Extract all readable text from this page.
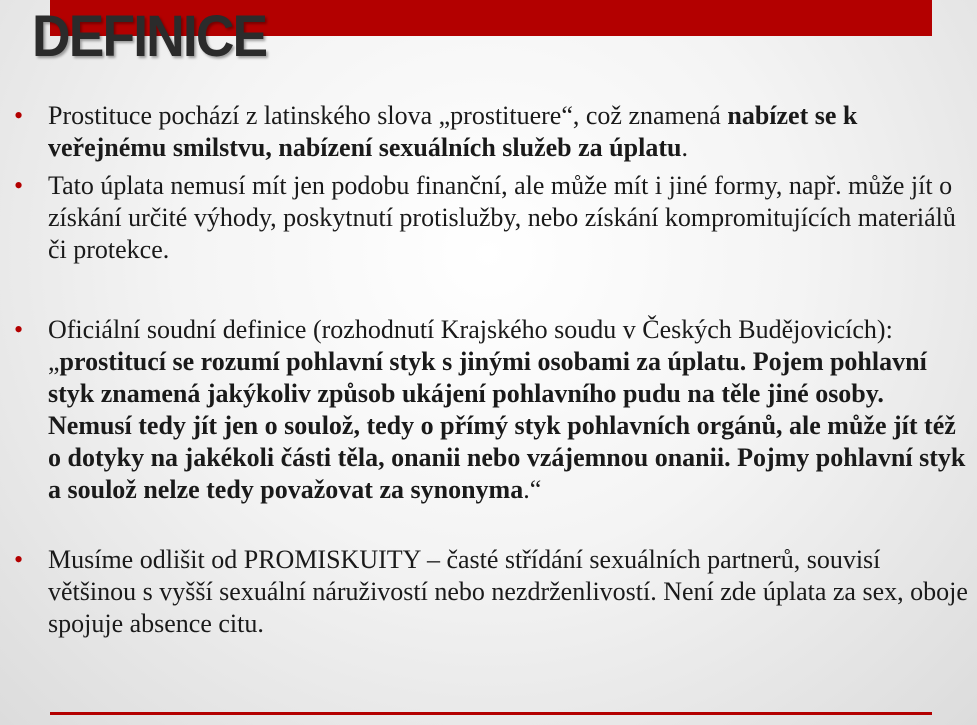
DEFINICE
• Prostituce pochází z latinského slova „prostituere“, což znamená nabízet se k veřejnému smilstvu, nabízení sexuálních služeb za úplatu.
• Tato úplata nemusí mít jen podobu finanční, ale může mít i jiné formy, např. může jít o získání určité výhody, poskytnutí protislužby, nebo získání kompromitujících materiálů či protekce.
• Oficiální soudní definice (rozhodnutí Krajského soudu v Českých Budějovicích): „prostitucí se rozumí pohlavní styk s jinými osobami za úplatu. Pojem pohlavní styk znamená jakýkoliv způsob ukájení pohlavního pudu na těle jiné osoby. Nemusí tedy jít jen o soulož, tedy o přímý styk pohlavních orgánů, ale může jít též o dotyky na jakékoli části těla, onanii nebo vzájemnou onanii. Pojmy pohlavní styk a soulož nelze tedy považovat za synonyma.“
• Musíme odlišit od PROMISKUITY – časté střídání sexuálních partnerů, souvisí většinou s vyšší sexuální náruživostí nebo nezdrženlivostí. Není zde úplata za sex, oboje spojuje absence citu.
